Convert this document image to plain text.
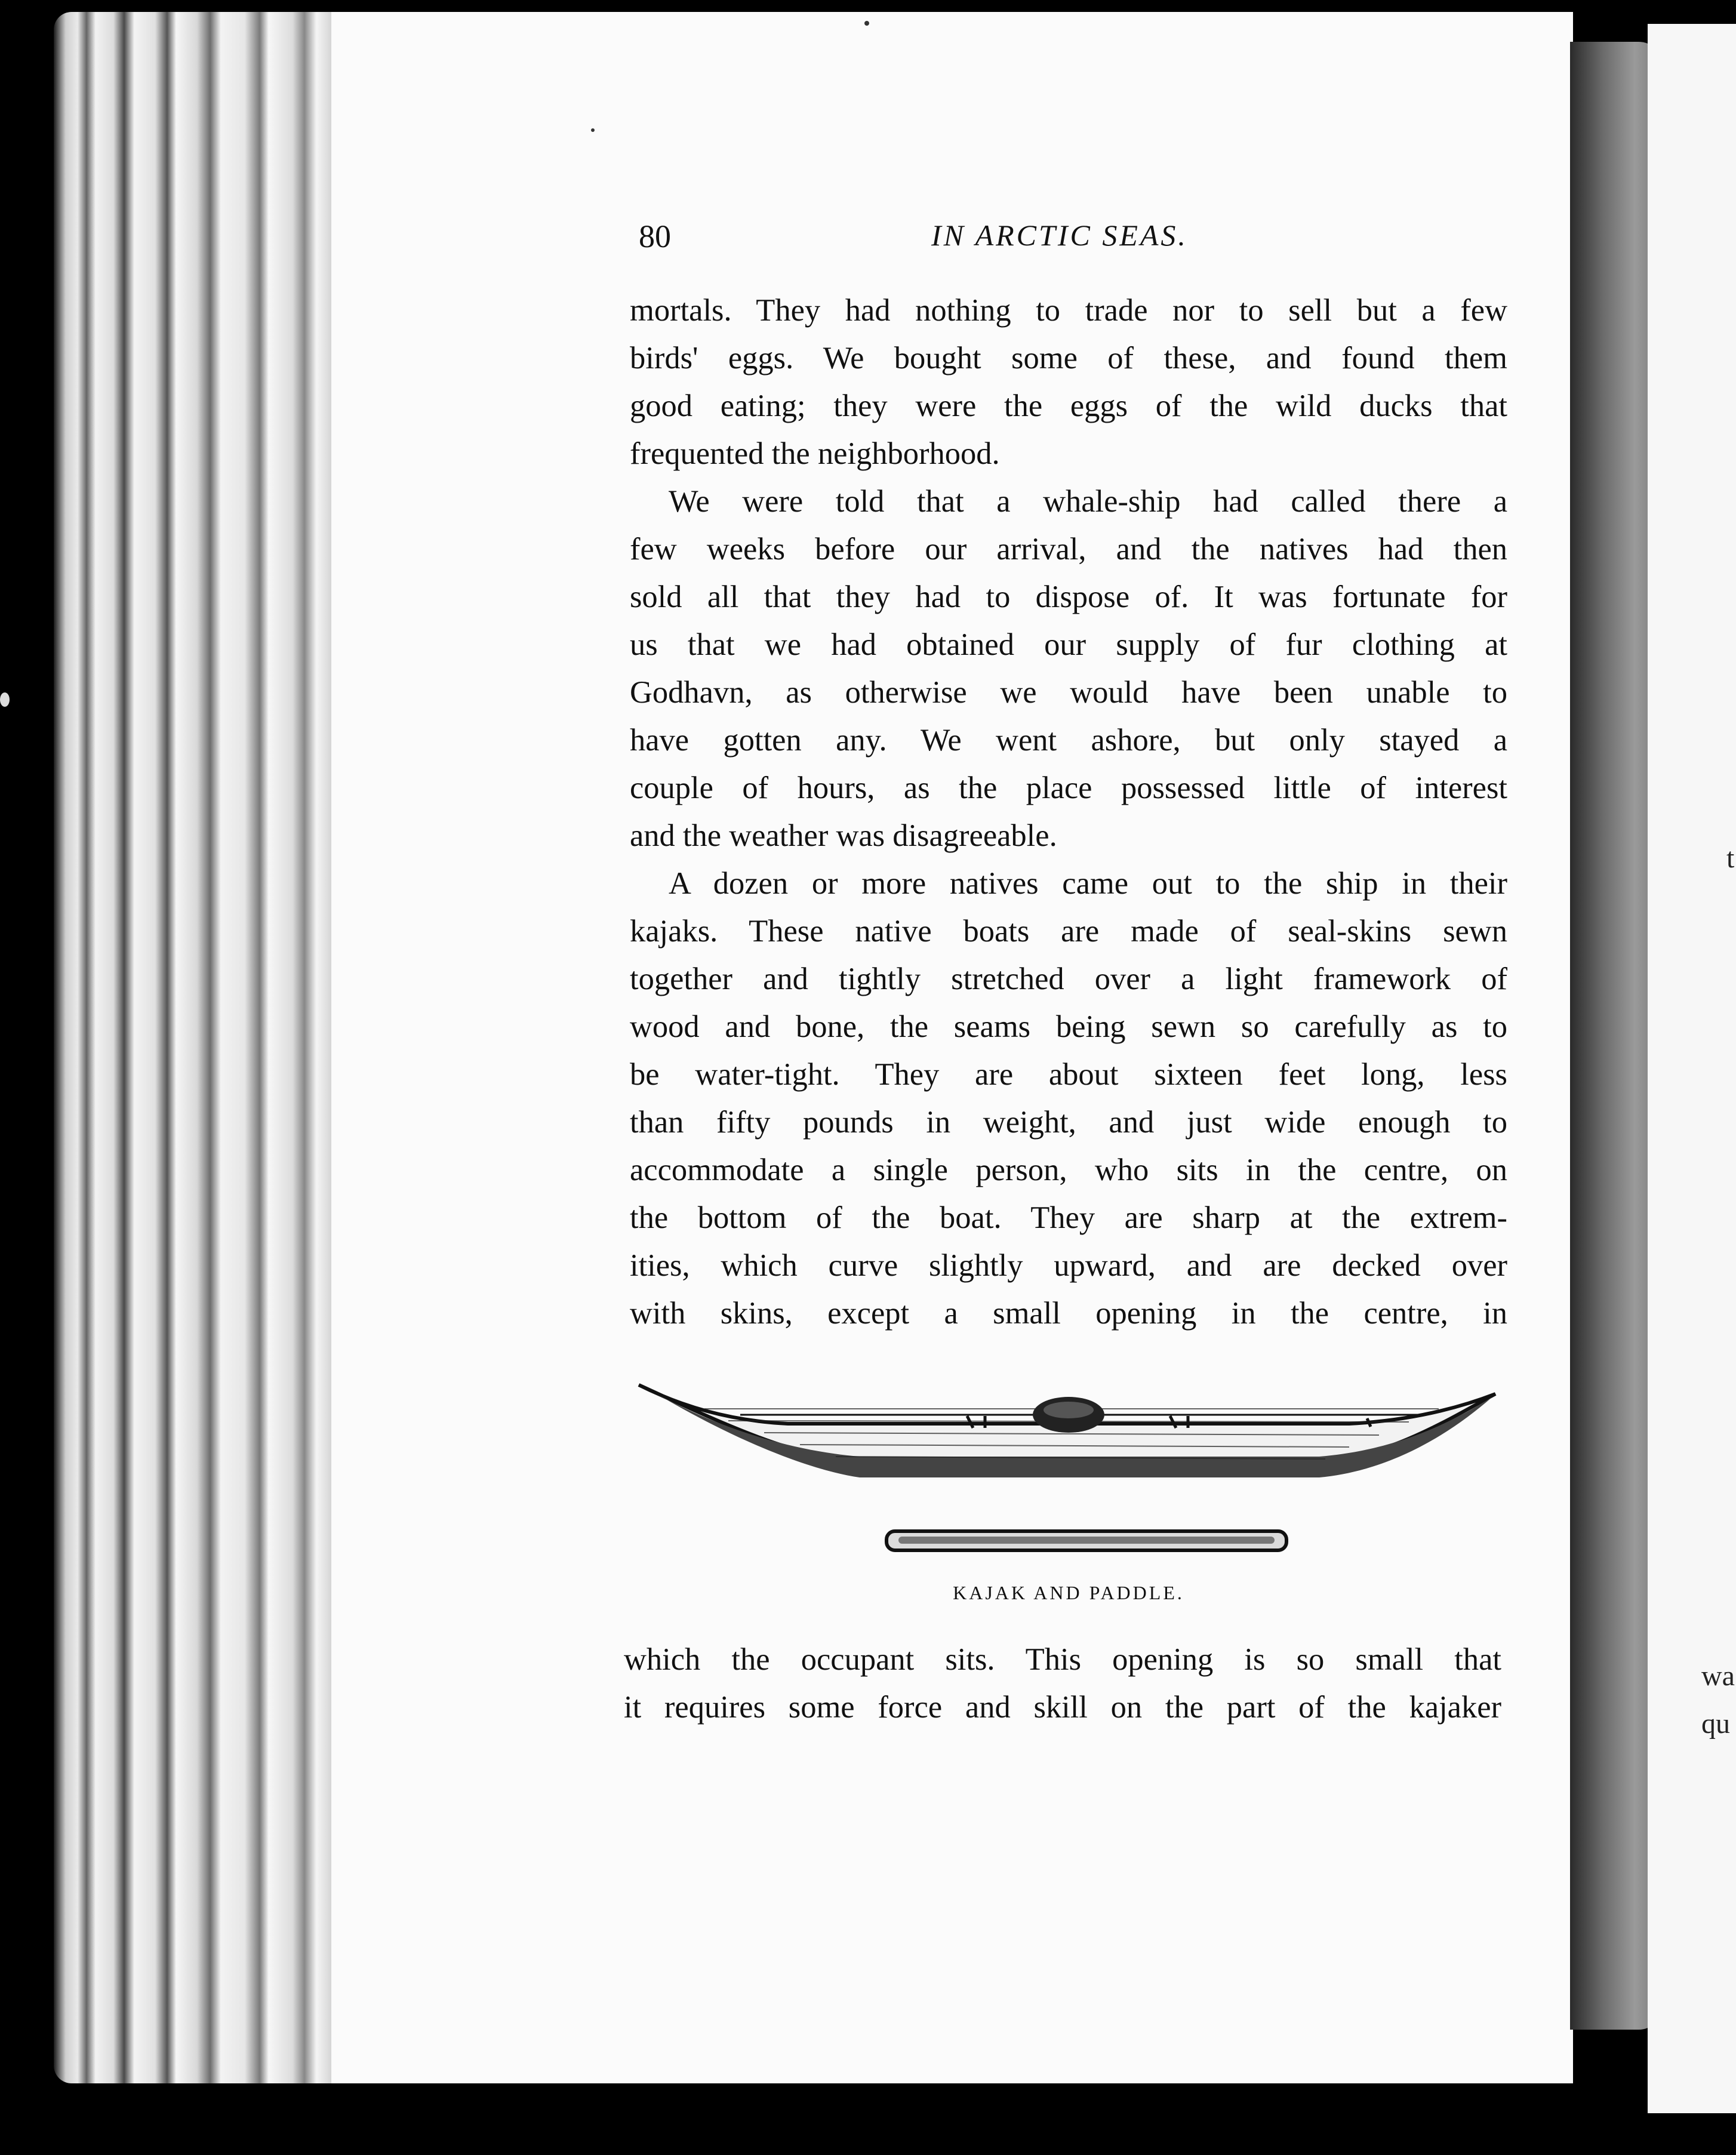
t
wa
qu
80	IN ARCTIC SEAS.
mortals. They had nothing to trade nor to sell but a few
birds' eggs. We bought some of these, and found them
good eating; they were the eggs of the wild ducks that
frequented the neighborhood.
We were told that a whale-ship had called there a
few weeks before our arrival, and the natives had then
sold all that they had to dispose of. It was fortunate for
us that we had obtained our supply of fur clothing at
Godhavn, as otherwise we would have been unable to
have gotten any. We went ashore, but only stayed a
couple of hours, as the place possessed little of interest
and the weather was disagreeable.
A dozen or more natives came out to the ship in their
kajaks. These native boats are made of seal-skins sewn
together and tightly stretched over a light framework of
wood and bone, the seams being sewn so carefully as to
be water-tight. They are about sixteen feet long, less
than fifty pounds in weight, and just wide enough to
accommodate a single person, who sits in the centre, on
the bottom of the boat. They are sharp at the extrem-
ities, which curve slightly upward, and are decked over
with skins, except a small opening in the centre, in
KAJAK AND PADDLE.
which the occupant sits. This opening is so small that
it requires some force and skill on the part of the kajaker
